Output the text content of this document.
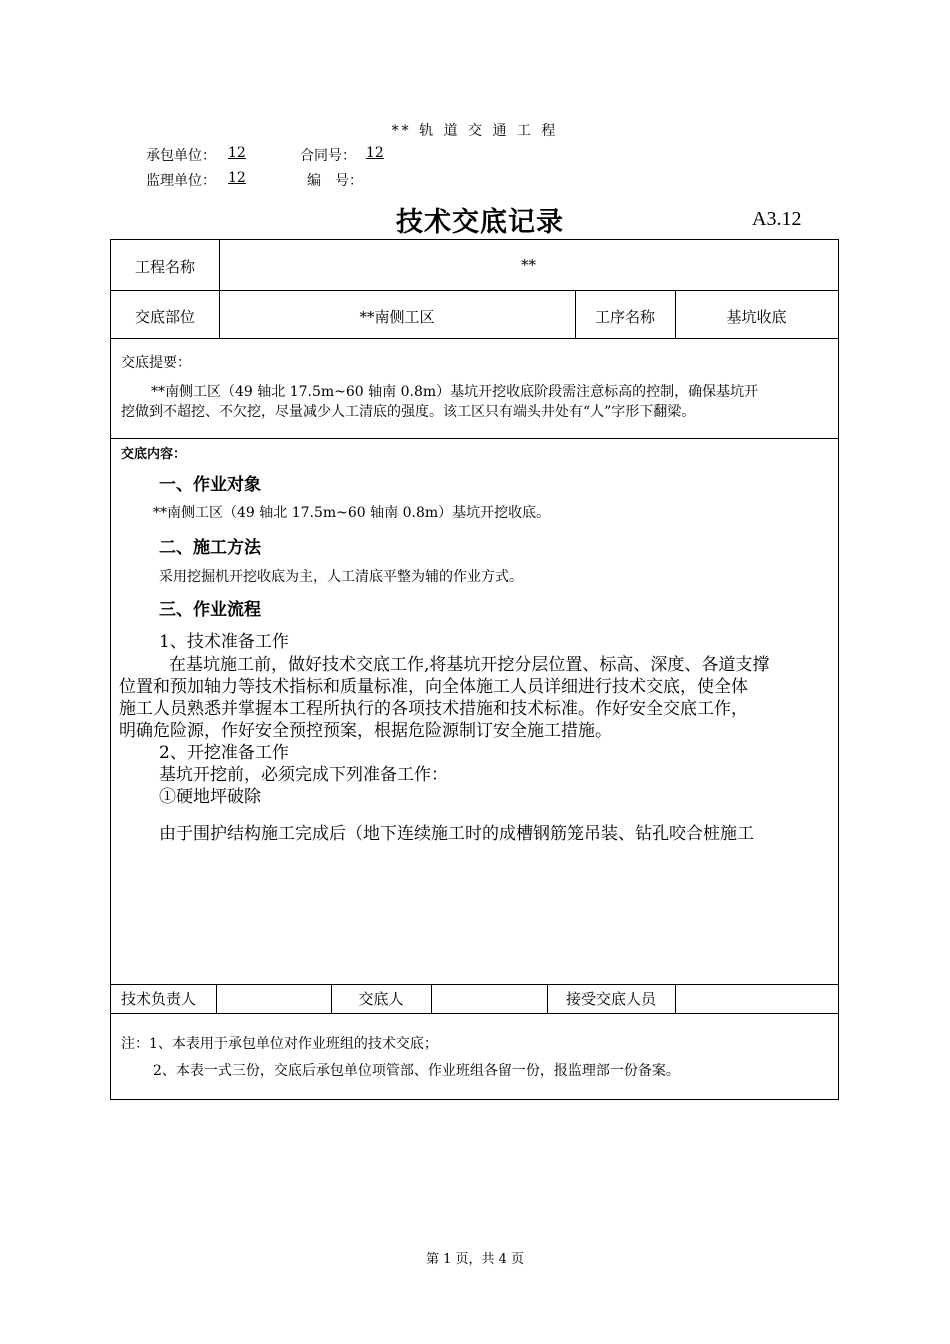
** 轨 道 交 通 工 程
承包单位： 12	合同号： 12
监理单位： 12	编　号：
技术交底记录	A3.12
工程名称	**
交底部位	**南侧工区	工序名称	基坑收底
交底提要：
**南侧工区（49 轴北 17.5m~60 轴南 0.8m）基坑开挖收底阶段需注意标高的控制，确保基坑开
挖做到不超挖、不欠挖，尽量减少人工清底的强度。该工区只有端头井处有“人”字形下翻梁。
交底内容：
一、作业对象
**南侧工区（49 轴北 17.5m~60 轴南 0.8m）基坑开挖收底。
二、施工方法
采用挖掘机开挖收底为主，人工清底平整为辅的作业方式。
三、作业流程
1、技术准备工作
在基坑施工前，做好技术交底工作,将基坑开挖分层位置、标高、深度、各道支撑
位置和预加轴力等技术指标和质量标准，向全体施工人员详细进行技术交底，使全体
施工人员熟悉并掌握本工程所执行的各项技术措施和技术标准。作好安全交底工作，
明确危险源，作好安全预控预案，根据危险源制订安全施工措施。
2、开挖准备工作
基坑开挖前，必须完成下列准备工作：
①硬地坪破除
由于围护结构施工完成后（地下连续施工时的成槽钢筋笼吊装、钻孔咬合桩施工
技术负责人	交底人	接受交底人员
注：1、本表用于承包单位对作业班组的技术交底；
2、本表一式三份，交底后承包单位项管部、作业班组各留一份，报监理部一份备案。
第 1 页，共 4 页
